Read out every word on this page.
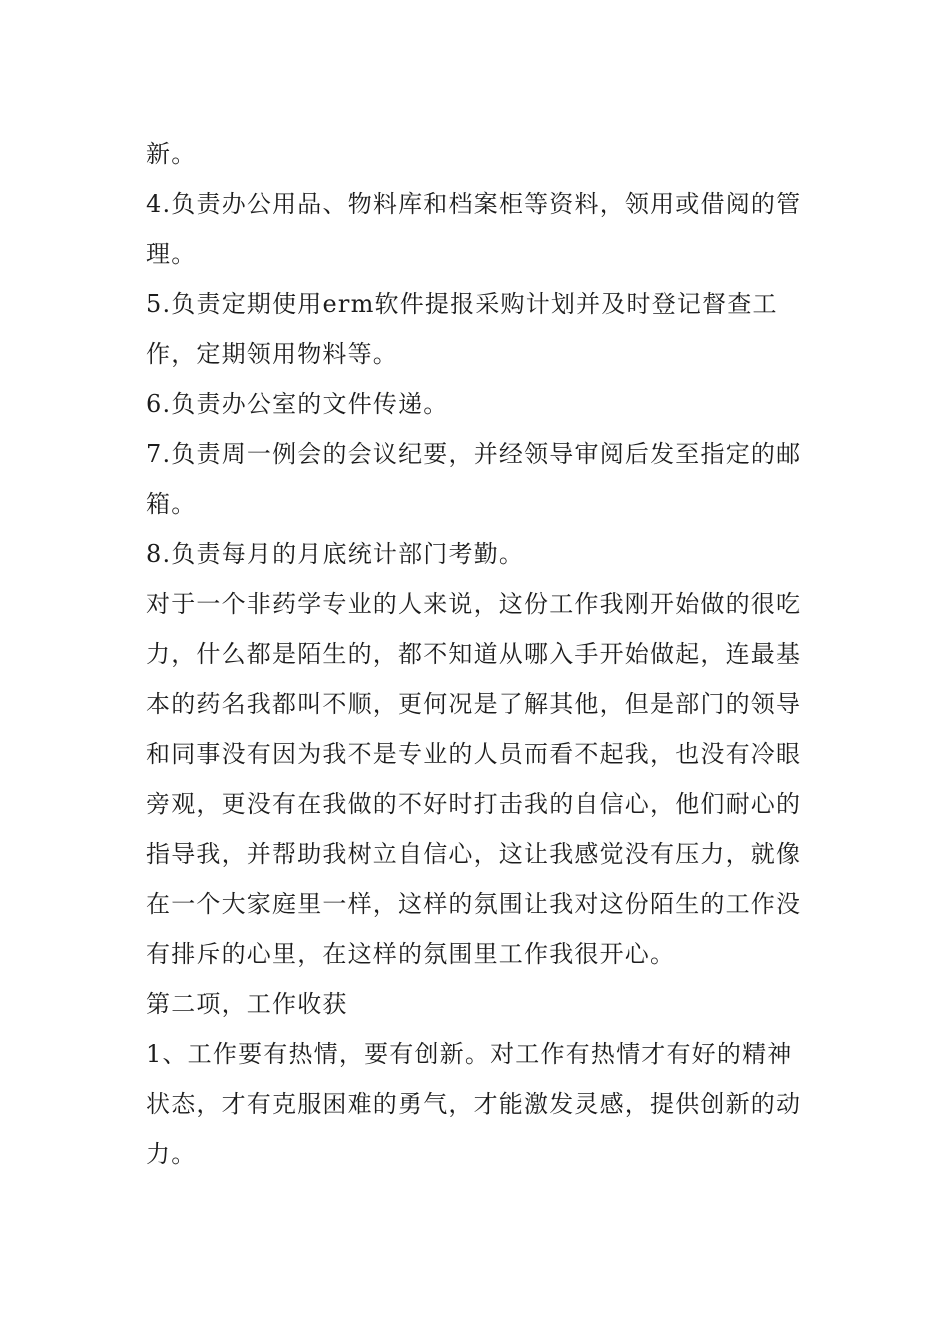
新。

4.负责办公用品、物料库和档案柜等资料，领用或借阅的管理。

5.负责定期使用erm软件提报采购计划并及时登记督查工作，定期领用物料等。

6.负责办公室的文件传递。

7.负责周一例会的会议纪要，并经领导审阅后发至指定的邮箱。

8.负责每月的月底统计部门考勤。

对于一个非药学专业的人来说，这份工作我刚开始做的很吃力，什么都是陌生的，都不知道从哪入手开始做起，连最基本的药名我都叫不顺，更何况是了解其他，但是部门的领导和同事没有因为我不是专业的人员而看不起我，也没有冷眼旁观，更没有在我做的不好时打击我的自信心，他们耐心的指导我，并帮助我树立自信心，这让我感觉没有压力，就像在一个大家庭里一样，这样的氛围让我对这份陌生的工作没有排斥的心里，在这样的氛围里工作我很开心。

第二项，工作收获

1、工作要有热情，要有创新。对工作有热情才有好的精神状态，才有克服困难的勇气，才能激发灵感，提供创新的动力。
